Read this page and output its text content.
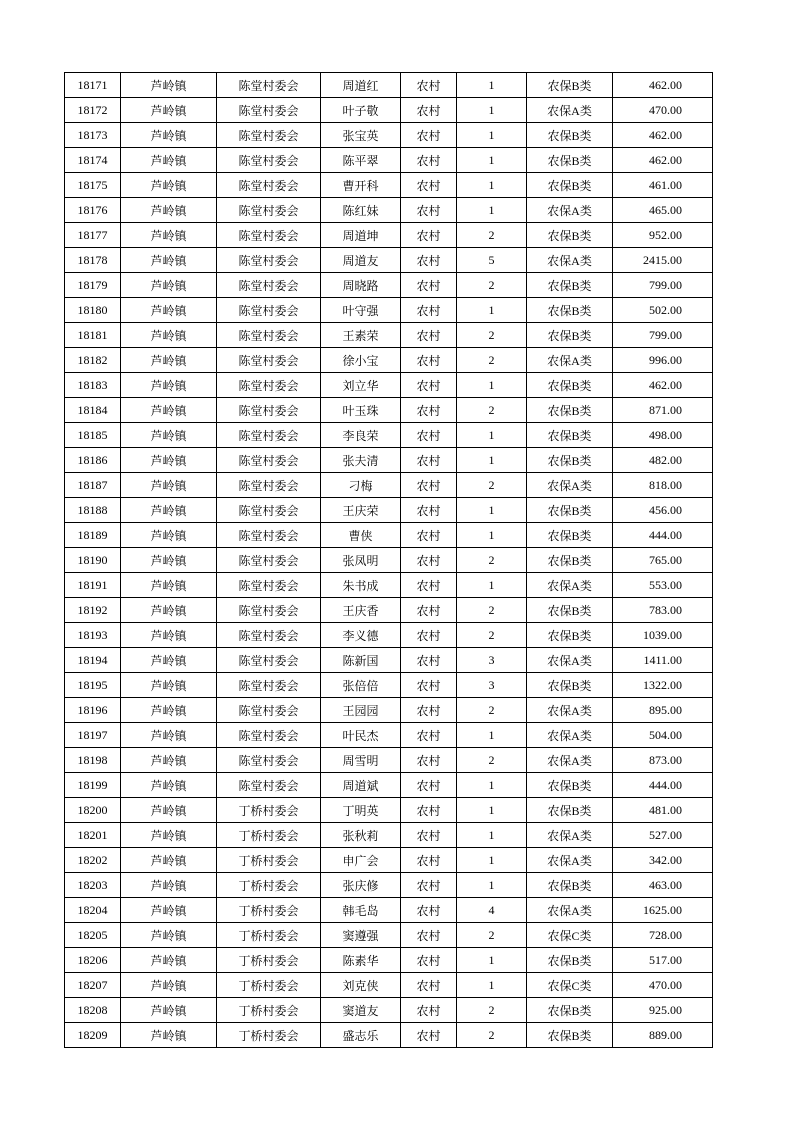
18171	芦岭镇	陈堂村委会	周道红	农村	1	农保B类	462.00
18172	芦岭镇	陈堂村委会	叶子敬	农村	1	农保A类	470.00
18173	芦岭镇	陈堂村委会	张宝英	农村	1	农保B类	462.00
18174	芦岭镇	陈堂村委会	陈平翠	农村	1	农保B类	462.00
18175	芦岭镇	陈堂村委会	曹开科	农村	1	农保B类	461.00
18176	芦岭镇	陈堂村委会	陈红妹	农村	1	农保A类	465.00
18177	芦岭镇	陈堂村委会	周道坤	农村	2	农保B类	952.00
18178	芦岭镇	陈堂村委会	周道友	农村	5	农保A类	2415.00
18179	芦岭镇	陈堂村委会	周晓路	农村	2	农保B类	799.00
18180	芦岭镇	陈堂村委会	叶守强	农村	1	农保B类	502.00
18181	芦岭镇	陈堂村委会	王素荣	农村	2	农保B类	799.00
18182	芦岭镇	陈堂村委会	徐小宝	农村	2	农保A类	996.00
18183	芦岭镇	陈堂村委会	刘立华	农村	1	农保B类	462.00
18184	芦岭镇	陈堂村委会	叶玉珠	农村	2	农保B类	871.00
18185	芦岭镇	陈堂村委会	李良荣	农村	1	农保B类	498.00
18186	芦岭镇	陈堂村委会	张夫清	农村	1	农保B类	482.00
18187	芦岭镇	陈堂村委会	刁梅	农村	2	农保A类	818.00
18188	芦岭镇	陈堂村委会	王庆荣	农村	1	农保B类	456.00
18189	芦岭镇	陈堂村委会	曹侠	农村	1	农保B类	444.00
18190	芦岭镇	陈堂村委会	张凤明	农村	2	农保B类	765.00
18191	芦岭镇	陈堂村委会	朱书成	农村	1	农保A类	553.00
18192	芦岭镇	陈堂村委会	王庆香	农村	2	农保B类	783.00
18193	芦岭镇	陈堂村委会	李义德	农村	2	农保B类	1039.00
18194	芦岭镇	陈堂村委会	陈新国	农村	3	农保A类	1411.00
18195	芦岭镇	陈堂村委会	张倍倍	农村	3	农保B类	1322.00
18196	芦岭镇	陈堂村委会	王园园	农村	2	农保A类	895.00
18197	芦岭镇	陈堂村委会	叶民杰	农村	1	农保A类	504.00
18198	芦岭镇	陈堂村委会	周雪明	农村	2	农保A类	873.00
18199	芦岭镇	陈堂村委会	周道斌	农村	1	农保B类	444.00
18200	芦岭镇	丁桥村委会	丁明英	农村	1	农保B类	481.00
18201	芦岭镇	丁桥村委会	张秋莉	农村	1	农保A类	527.00
18202	芦岭镇	丁桥村委会	申广会	农村	1	农保A类	342.00
18203	芦岭镇	丁桥村委会	张庆修	农村	1	农保B类	463.00
18204	芦岭镇	丁桥村委会	韩毛岛	农村	4	农保A类	1625.00
18205	芦岭镇	丁桥村委会	窦遵强	农村	2	农保C类	728.00
18206	芦岭镇	丁桥村委会	陈素华	农村	1	农保B类	517.00
18207	芦岭镇	丁桥村委会	刘克侠	农村	1	农保C类	470.00
18208	芦岭镇	丁桥村委会	窦道友	农村	2	农保B类	925.00
18209	芦岭镇	丁桥村委会	盛志乐	农村	2	农保B类	889.00
